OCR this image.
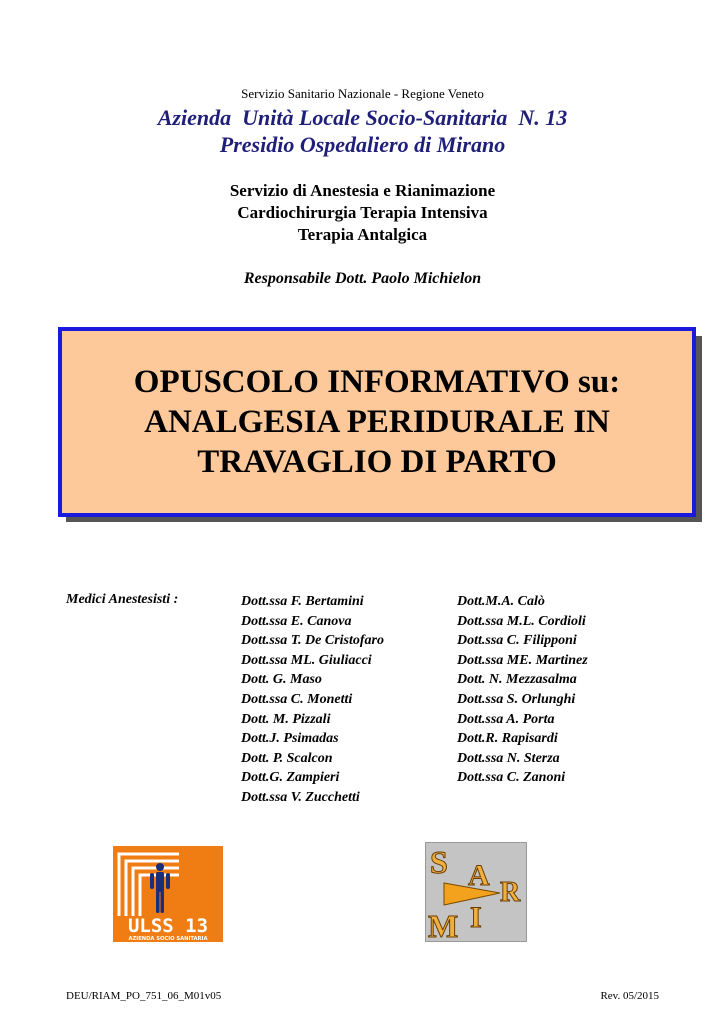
Servizio Sanitario Nazionale - Regione Veneto
Azienda  Unità Locale Socio-Sanitaria  N. 13
Presidio Ospedaliero di Mirano
Servizio di Anestesia e Rianimazione
Cardiochirurgia Terapia Intensiva
Terapia Antalgica
Responsabile Dott. Paolo Michielon
OPUSCOLO INFORMATIVO su:
ANALGESIA PERIDURALE IN
TRAVAGLIO DI PARTO
Medici Anestesisti :	Dott.ssa F. Bertamini
Dott.ssa E. Canova
Dott.ssa T. De Cristofaro
Dott.ssa ML. Giuliacci
Dott. G. Maso
Dott.ssa C. Monetti
Dott. M. Pizzali
Dott.J. Psimadas
Dott. P. Scalcon
Dott.G. Zampieri
Dott.ssa V. Zucchetti
Dott.M.A. Calò
Dott.ssa M.L. Cordioli
Dott.ssa C. Filipponi
Dott.ssa ME. Martinez
Dott. N. Mezzasalma
Dott.ssa S. Orlunghi
Dott.ssa A. Porta
Dott.R. Rapisardi
Dott.ssa N. Sterza
Dott.ssa C. Zanoni
ULSS 13
AZIENDA SOCIO SANITARIA
S A
R
M I
DEU/RIAM_PO_751_06_M01v05	Rev. 05/2015
